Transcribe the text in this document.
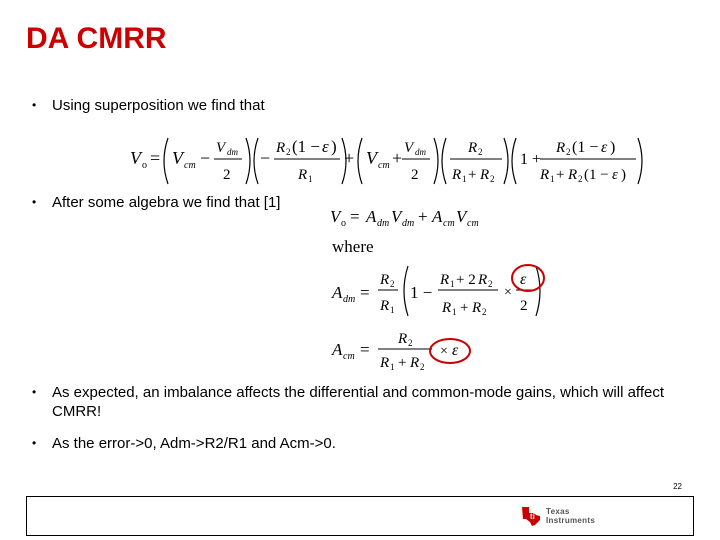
DA CMRR
• Using superposition we find that
V o = V cm − V dm
2
− R 2 (1 − ε )
R 1
+ V cm + V dm
2
R 2
R 1 + R 2
1 +
R 2 (1 − ε )
R 1 + R 2 (1 − ε )
• After some algebra we find that [1]
V o = A dm V dm + A cm V cm
where
A dm =
R 2
R 1
1 −
R 1 + 2 R 2
R 1 + R 2
×
ε
2
A cm =
R 2
R 1 + R 2
× ε
• As expected, an imbalance affects the differential and common-mode gains, which will affect CMRR!
• As the error->0, Adm->R2/R1 and Acm->0.
22
ti
Texas
Instruments
